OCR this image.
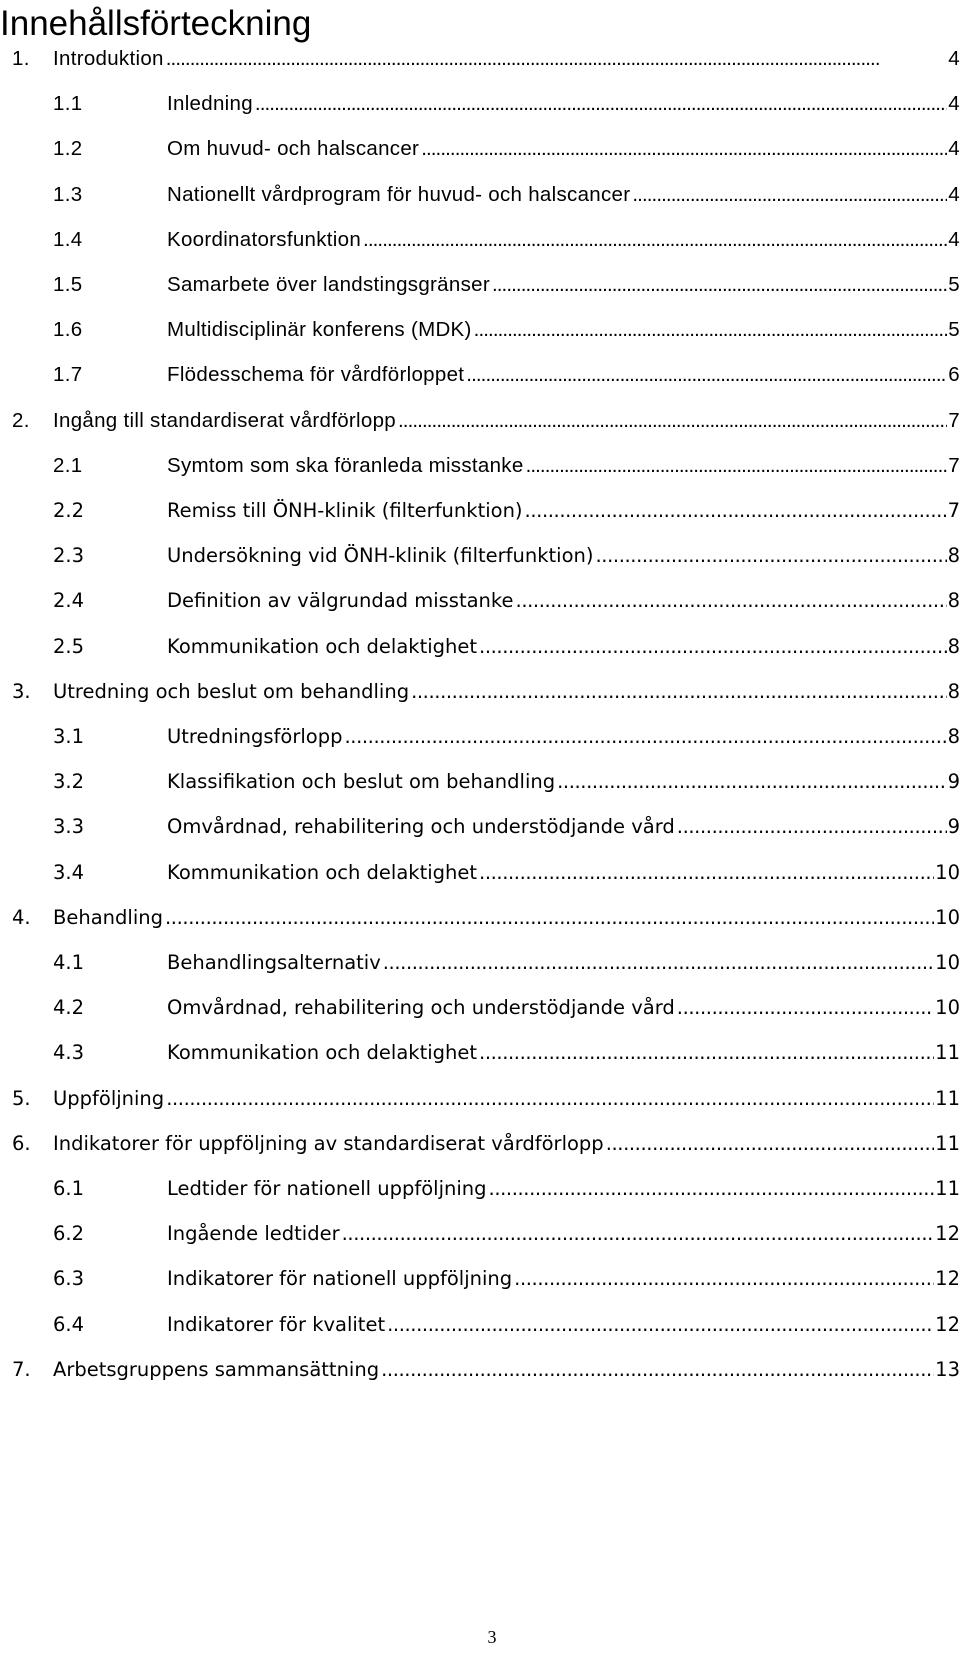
Innehållsförteckning
1.	Introduktion . . .	4
1.1	Inledning . . .	4
1.2	Om huvud- och halscancer . . .	4
1.3	Nationellt vårdprogram för huvud- och halscancer . . .	4
1.4	Koordinatorsfunktion . . .	4
1.5	Samarbete över landstingsgränser . . .	5
1.6	Multidisciplinär konferens (MDK) . . .	5
1.7	Flödesschema för vårdförloppet . . .	6
2.	Ingång till standardiserat vårdförlopp . . .	7
2.1	Symtom som ska föranleda misstanke . . .	7
2.2	Remiss till ÖNH-klinik (filterfunktion) . . .	7
2.3	Undersökning vid ÖNH-klinik (filterfunktion) . . .	8
2.4	Definition av välgrundad misstanke . . .	8
2.5	Kommunikation och delaktighet . . .	8
3.	Utredning och beslut om behandling . . .	8
3.1	Utredningsförlopp . . .	8
3.2	Klassifikation och beslut om behandling . . .	9
3.3	Omvårdnad, rehabilitering och understödjande vård . . .	9
3.4	Kommunikation och delaktighet . . .	10
4.	Behandling . . .	10
4.1	Behandlingsalternativ . . .	10
4.2	Omvårdnad, rehabilitering och understödjande vård . . .	10
4.3	Kommunikation och delaktighet . . .	11
5.	Uppföljning . . .	11
6.	Indikatorer för uppföljning av standardiserat vårdförlopp . . .	11
6.1	Ledtider för nationell uppföljning . . .	11
6.2	Ingående ledtider . . .	12
6.3	Indikatorer för nationell uppföljning . . .	12
6.4	Indikatorer för kvalitet . . .	12
7.	Arbetsgruppens sammansättning . . .	13
3
